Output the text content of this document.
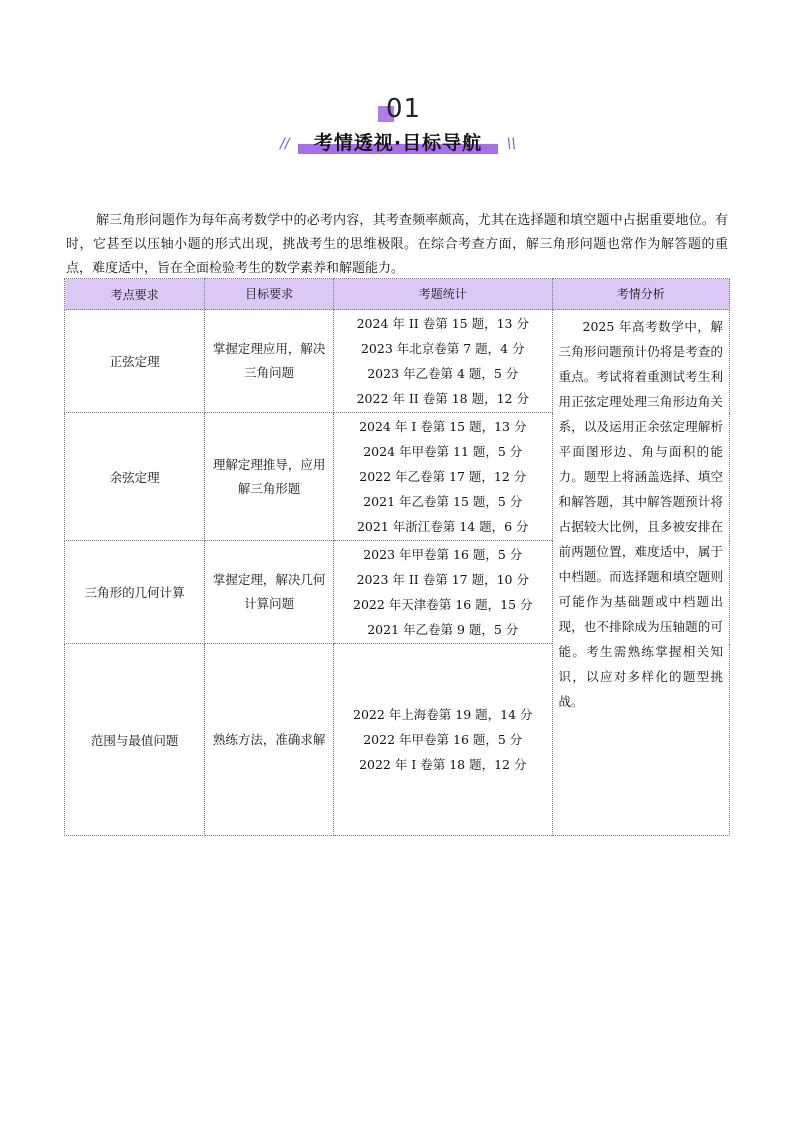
01
//	考情透视·目标导航	\\

解三角形问题作为每年高考数学中的必考内容，其考查频率颇高，尤其在选择题和填空题中占据重要地位。有时，它甚至以压轴小题的形式出现，挑战考生的思维极限。在综合考查方面，解三角形问题也常作为解答题的重点，难度适中，旨在全面检验考生的数学素养和解题能力。

考点要求	目标要求	考题统计	考情分析
正弦定理	掌握定理应用，解决三角问题	2024 年 II 卷第 15 题，13 分
2023 年北京卷第 7 题，4 分
2023 年乙卷第 4 题，5 分
2022 年 II 卷第 18 题，12 分	2025 年高考数学中，解三角形问题预计仍将是考查的重点。考试将着重测试考生利用正弦定理处理三角形边角关系，以及运用正余弦定理解析平面图形边、角与面积的能力。题型上将涵盖选择、填空和解答题，其中解答题预计将占据较大比例，且多被安排在前两题位置，难度适中，属于中档题。而选择题和填空题则可能作为基础题或中档题出现，也不排除成为压轴题的可能。考生需熟练掌握相关知识，以应对多样化的题型挑战。

余弦定理	理解定理推导，应用解三角形题	2024 年 I 卷第 15 题，13 分
2024 年甲卷第 11 题，5 分
2022 年乙卷第 17 题，12 分
2021 年乙卷第 15 题，5 分
2021 年浙江卷第 14 题，6 分	

三角形的几何计算	掌握定理，解决几何计算问题	2023 年甲卷第 16 题，5 分
2023 年 II 卷第 17 题，10 分
2022 年天津卷第 16 题，15 分
2021 年乙卷第 9 题，5 分	

范围与最值问题	熟练方法，准确求解	2022 年上海卷第 19 题，14 分
2022 年甲卷第 16 题，5 分
2022 年 I 卷第 18 题，12 分	
